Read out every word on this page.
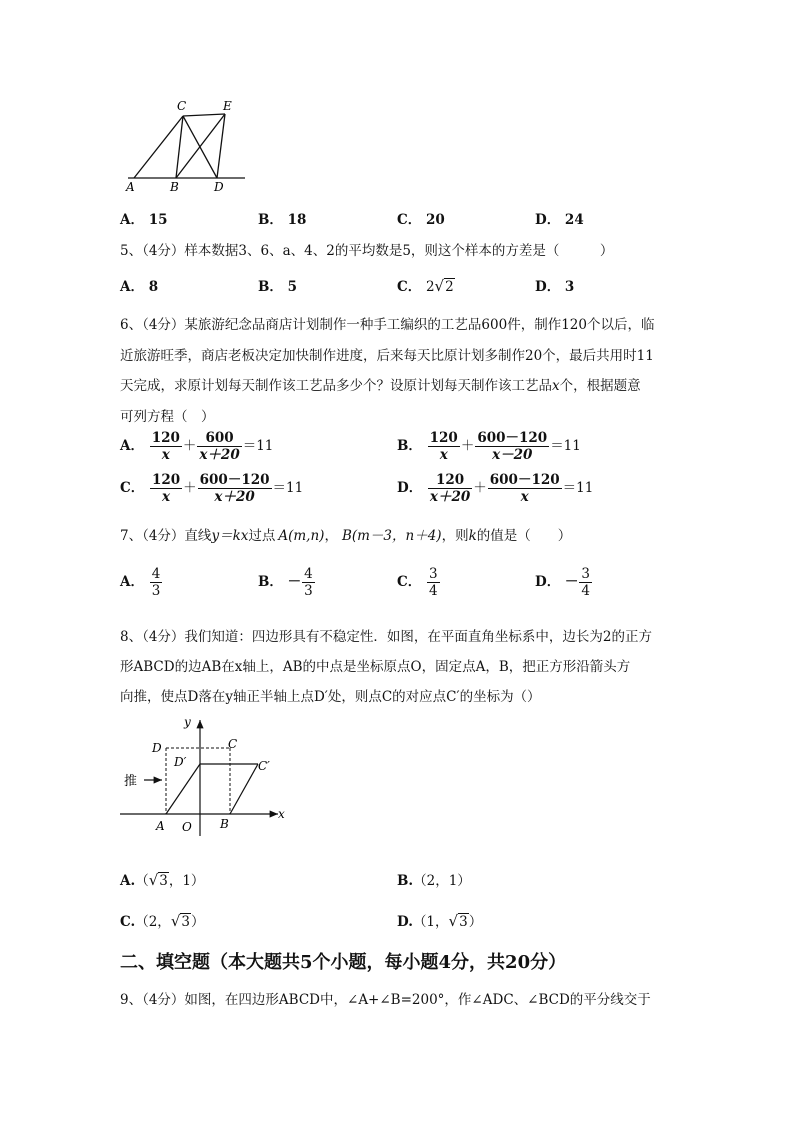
C	E
A	B	D
A． 15	B． 18	C． 20	D． 24
5、（4分）样本数据3、6、a、4、2的平均数是5，则这个样本的方差是（　　　）
A． 8	B． 5	C． 2√2	D． 3
6、（4分）某旅游纪念品商店计划制作一种手工编织的工艺品600件，制作120个以后，临
近旅游旺季，商店老板决定加快制作进度，后来每天比原计划多制作20个，最后共用时11
天完成，求原计划每天制作该工艺品多少个？设原计划每天制作该工艺品x个，根据题意
可列方程（　）
A． $\frac{120}{x} + \frac{600}{x+20} =11$	B． $\frac{120}{x} + \frac{600-120}{x-20} =11$
C． $\frac{120}{x} + \frac{600-120}{x+20} =11$	D． $\frac{120}{x+20} + \frac{600-120}{x} =11$
7、（4分）直线y＝kx过点 A(m,n)， B(m－3，n＋4)，则k的值是（　　）
A． $\frac{4}{3}$	B． － $\frac{4}{3}$	C． $\frac{3}{4}$	D． － $\frac{3}{4}$
8、（4分）我们知道：四边形具有不稳定性．如图，在平面直角坐标系中，边长为2的正方
形ABCD的边AB在x轴上，AB的中点是坐标原点O，固定点A，B，把正方形沿箭头方
向推，使点D落在y轴正半轴上点D′处，则点C的对应点C′的坐标为（）
y
x
D	C
D′	C′
推
A O B
A.（√3，1）	B.（2，1）
C.（2，√3）	D.（1，√3）
二、填空题（本大题共5个小题，每小题4分，共20分）
9、（4分）如图，在四边形ABCD中，∠A+∠B=200°，作∠ADC、∠BCD的平分线交于
